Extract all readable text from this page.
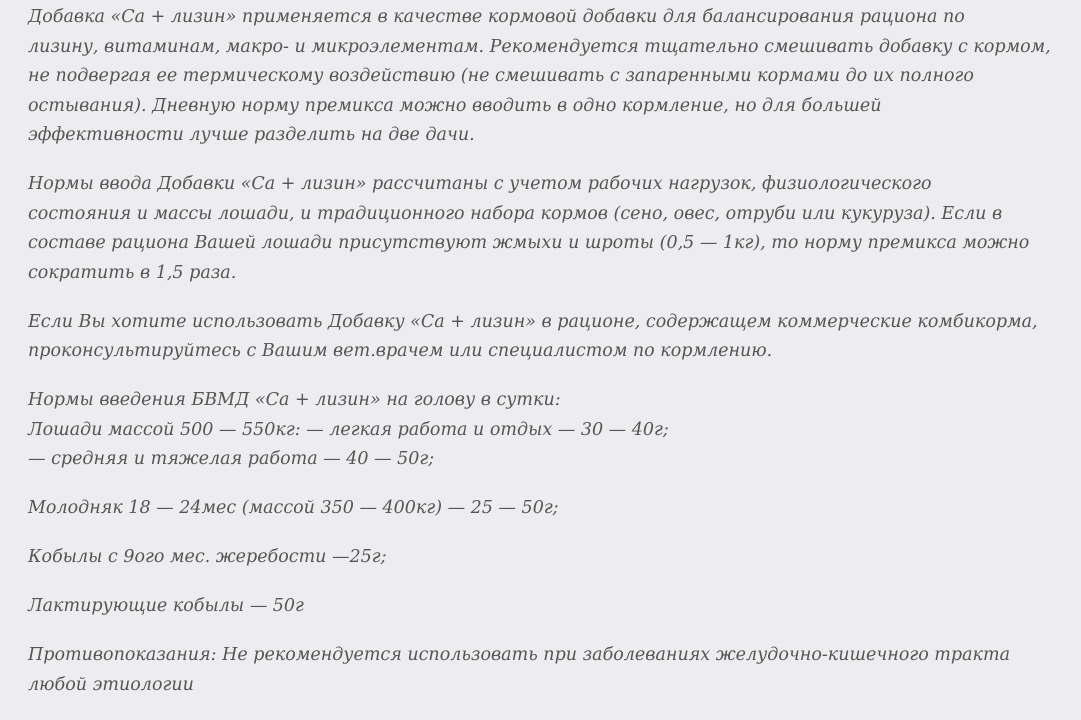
Добавка «Са + лизин» применяется в качестве кормовой добавки для балансирования рациона по
лизину, витаминам, макро- и микроэлементам. Рекомендуется тщательно смешивать добавку с кормом,
не подвергая ее термическому воздействию (не смешивать с запаренными кормами до их полного
остывания). Дневную норму премикса можно вводить в одно кормление, но для большей
эффективности лучше разделить на две дачи.

Нормы ввода Добавки «Са + лизин» рассчитаны с учетом рабочих нагрузок, физиологического
состояния и массы лошади, и традиционного набора кормов (сено, овес, отруби или кукуруза). Если в
составе рациона Вашей лошади присутствуют жмыхи и шроты (0,5 — 1кг), то норму премикса можно
сократить в 1,5 раза.

Если Вы хотите использовать Добавку «Са + лизин» в рационе, содержащем коммерческие комбикорма,
проконсультируйтесь с Вашим вет.врачем или специалистом по кормлению.

Нормы введения БВМД «Са + лизин» на голову в сутки:
Лошади массой 500 — 550кг: — легкая работа и отдых — 30 — 40г;
— средняя и тяжелая работа — 40 — 50г;

Молодняк 18 — 24мес (массой 350 — 400кг) — 25 — 50г;

Кобылы с 9ого мес. жеребости —25г;

Лактирующие кобылы — 50г

Противопоказания: Не рекомендуется использовать при заболеваниях желудочно-кишечного тракта
любой этиологии
